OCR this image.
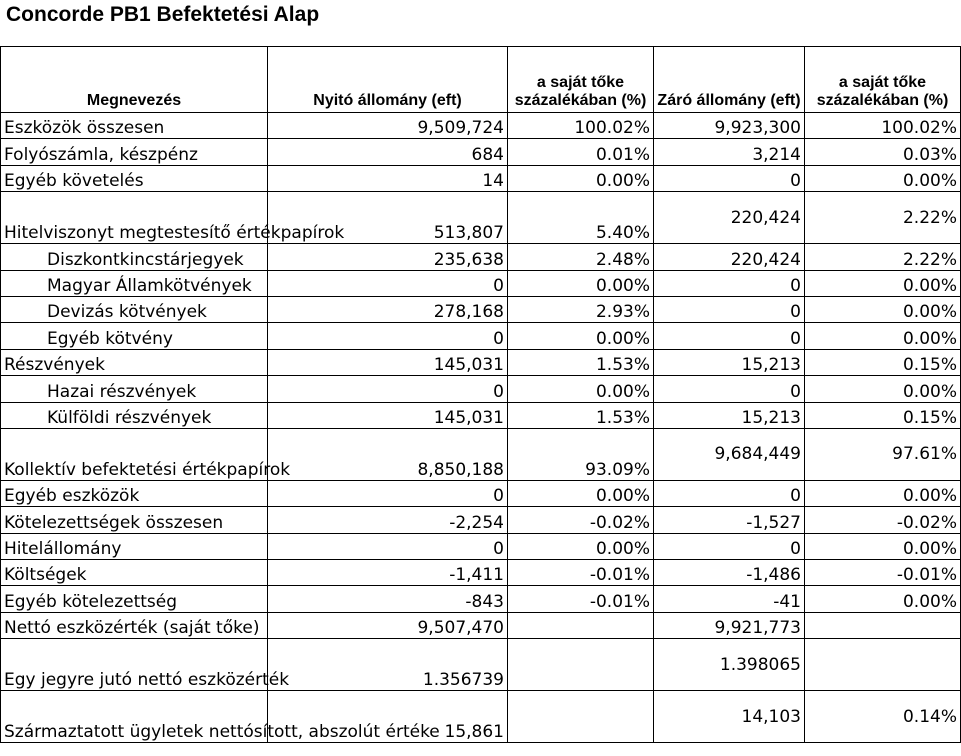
Concorde PB1 Befektetési Alap
Megnevezés	Nyitó állomány (eft)	a saját tőke százalékában (%)	Záró állomány (eft)	a saját tőke százalékában (%)
Eszközök összesen	9,509,724	100.02%	9,923,300	100.02%
Folyószámla, készpénz	684	0.01%	3,214	0.03%
Egyéb követelés	14	0.00%	0	0.00%
Hitelviszonyt megtestesítő értékpapírok	513,807	5.40%	220,424	2.22%
Diszkontkincstárjegyek	235,638	2.48%	220,424	2.22%
Magyar Államkötvények	0	0.00%	0	0.00%
Devizás kötvények	278,168	2.93%	0	0.00%
Egyéb kötvény	0	0.00%	0	0.00%
Részvények	145,031	1.53%	15,213	0.15%
Hazai részvények	0	0.00%	0	0.00%
Külföldi részvények	145,031	1.53%	15,213	0.15%
Kollektív befektetési értékpapírok	8,850,188	93.09%	9,684,449	97.61%
Egyéb eszközök	0	0.00%	0	0.00%
Kötelezettségek összesen	-2,254	-0.02%	-1,527	-0.02%
Hitelállomány	0	0.00%	0	0.00%
Költségek	-1,411	-0.01%	-1,486	-0.01%
Egyéb kötelezettség	-843	-0.01%	-41	0.00%
Nettó eszközérték (saját tőke)	9,507,470		9,921,773	
Egy jegyre jutó nettó eszközérték	1.356739		1.398065	
Származtatott ügyletek nettósított, abszolút értéke	15,861		14,103	0.14%
